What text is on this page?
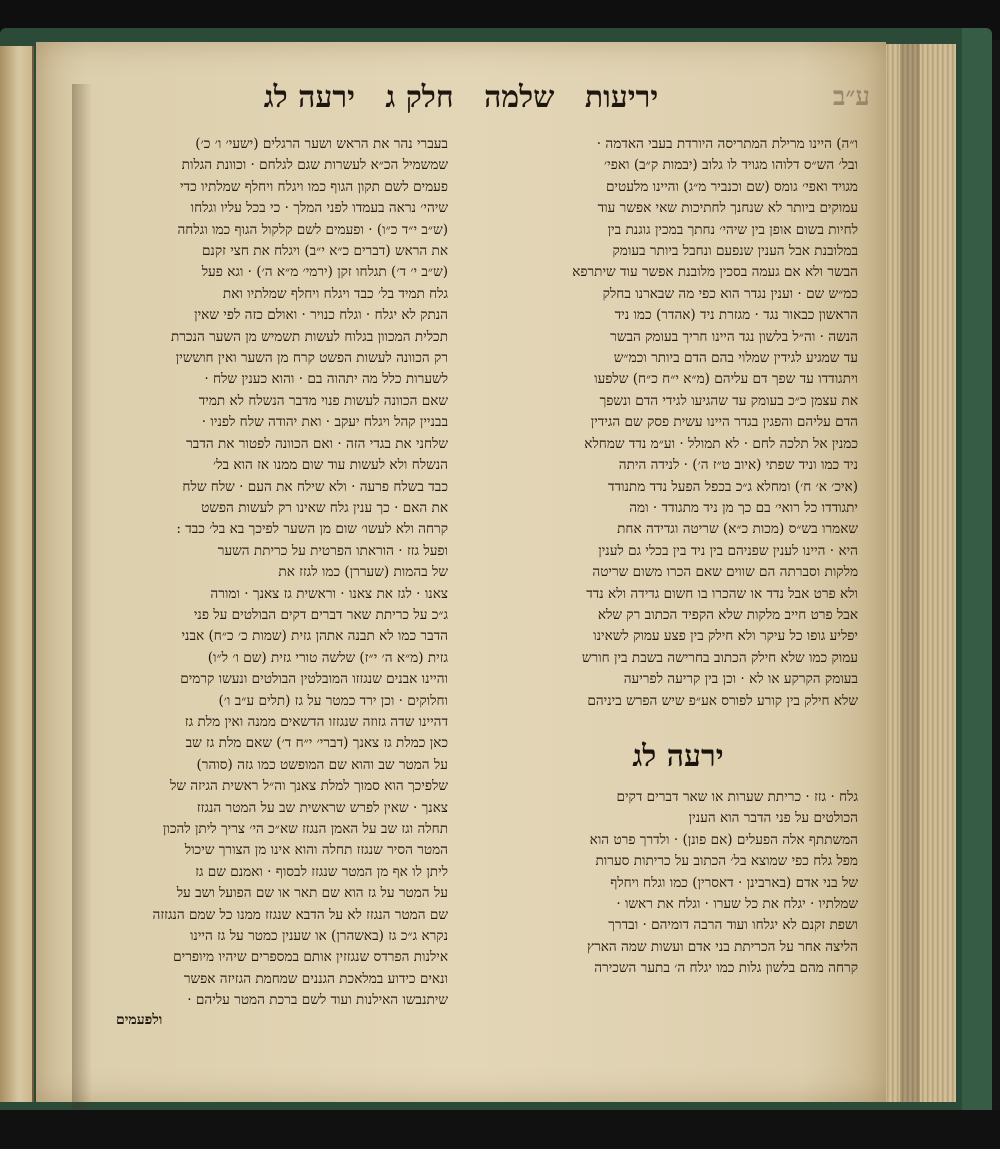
ע״ב
יריעות שלמה חלק ג ירעה לג
ו״ה) היינו מרילת המתריסה היורדת בעבי האדמה ·
ובל׳ הש״ס דלוהו מגויד לו גלוב (יבמות ק״ב) ואפי׳
מגויד ואפי׳ גומס (שם וכנביר מ״ג) והיינו מלעטים
עמוקים ביותר לא שנחנך לחתיכות שאי אפשר עוד
לחיות בשום אופן בין שיהי׳ נחתך במכין גוגנת בין
במלובנת אבל הענין שנפעם ונחבל ביותר בעומק
הבשר ולא אם געמה בסכין מלובנת אפשר עוד שיתרפא
כמ״ש שם · וענין נגדר הוא כפי מה שבארנו בחלק
הראשון כבאור נגד · מגזרת ניד (אהדר) כמו ניד
הנשה · וה״ל בלשון נגד היינו חריך בעומק הבשר
עד שמגיע לגידין שמלוי בהם הדם ביותר וכמ״ש
ויתגודדו עד שפך דם עליהם (מ״א י״ח כ״ח) שלפעו
את עצמן כ״כ בעומק עד שהגיעו לגידי הדם ונשפך
הדם עליהם והפגין בגדר היינו עשית פסק שם הגידין
כמנין אל תלכה לחם · לא תמולל · וע״מ נדד שמחלא
ניד כמו וניד שפתי (איוב ט״ז ה׳) · לנידה היתה
(איכ׳ א׳ ח׳) ומחלא ג״כ בכפל הפעל נדד מתנודד
יתגודדו כל רואי׳ בם כך מן ניד מתגודד · ומה
שאמרו בש״ס (מכות כ״א) שריטה וגדידה אחת
היא · היינו לענין שפניהם בין ניד בין בכלי גם לענין
מלקות וסברתה הם שווים שאם הכרו משום שריטה
ולא פרט אבל נדד או שהכרו בו חשום גדידה ולא נדד
אבל פרט חייב מלקות שלא הקפיד הכתוב רק שלא
יפליע גופו כל עיקר ולא חילק בין פצע עמוק לשאינו
עמוק כמו שלא חילק הכתוב בחרישה בשבת בין חורש
בעומק הקרקע או לא · וכן בין קריעה לפריעה
שלא חילק בין קורע לפורס אע״פ שיש הפרש ביניהם
ירעה לג
גלח · גזז · כריתת שערות או שאר דברים דקים
הכולטים על פני הדבר הוא הענין
המשתתף אלה הפעלים (אם פונן) · ולדרך פרט הוא
מפל גלח כפי שמוצא בל׳ הכתוב על כריתות סערות
של בני אדם (בארבינן · דאסרין) כמו וגלח ויחלף
שמלתיו · יגלח את כל שערו · וגלח את ראשו ·
ושפת זקנם לא יגלחו ועוד הרבה דומיהם · ובדרך
הליצה אחר על הכריתת בני אדם ועשות שמה הארץ
קרחה מהם בלשון גלות כמו יגלח ה׳ בתער השכירה
בעברי נהר את הראש ושער הרגלים (ישעי׳ ו׳ כ׳)
שמשמיל הכ״א לעשרות שגם לגלחם · וכוונת הגלות
פעמים לשם תקון הגוף כמו ויגלח ויחלף שמלתיו כדי
שיהי׳ נראה בעמדו לפני המלך · כי בכל עליו וגלחו
(ש״ב י״ד כ״ו) · ופעמים לשם קלקול הגוף כמו וגלחה
את הראש (דברים כ״א י״ב) ויגלח את חצי זקנם
(ש״ב י׳ ד׳) תגלחו זקן (ירמי׳ מ״א ה׳) · וגא פעל
גלח תמיד בל׳ כבד ויגלח ויחלף שמלתיו ואת
הנתק לא יגלח · וגלח כנויר · ואולם כזה לפי שאין
תכלית המכוון בגלוח לעשות תשמיש מן השער הנכרת
רק הכוונה לעשות הפשט קרח מן השער ואין חוששין
לשערות כלל מה יתהוה בם · והוא כענין שלח ·
שאם הכוונה לעשות פנוי מדבר הנשלח לא תמיד
בבניין קהל ויגלח יעקב · ואת יהודה שלח לפניו ·
שלחני את בגדי הזה · ואם הכוונה לפטור את הדבר
הנשלח ולא לעשות עוד שום ממנו אז הוא בל׳
כבד בשלח פרעה · ולא שילח את העם · שלח שלח
את האם · כך ענין גלח שאינו רק לעשות הפשט
קרחה ולא לעשו׳ שום מן השער לפיכך בא בל׳ כבד :
ופעל גזז · הוראתו הפרטית על כריתת השער
של בהמות (שעררן) כמו לגזז את
צאנו · לגז את צאנו · וראשית גז צאנך · ומורה
ג״כ על כריתת שאר דברים דקים הבולטים על פני
הדבר כמו לא תבנה אתהן גזית (שמות כ׳ כ״ח) אבני
גזית (מ״א ה׳ י״ז) שלשה טורי גזית (שם ו׳ ל״ו)
והיינו אבנים שנגזזו המובלטין הבולטים ונעשו קרמים
וחלוקים · וכן ירד כמטר על גז (תלים ע״ב ו׳)
דהיינו שדה גזוזה שנגזזו הדשאים ממנה ואין מלת גז
כאן כמלת גז צאנך (דברי׳ י״ח ד׳) שאם מלת גז שב
על המטר שב והוא שם המופשט כמו גזה (סוהר)
שלפיכך הוא סמוך למלת צאנך וה״ל ראשית הגיזה של
צאנך · שאין לפרש שראשית שב על המטר הנגזז
תחלה וגז שב על האמן הנגזז שא״כ הי׳ צריך ליתן להכון
המטר הסיר שנגזז תחלה והוא אינו מן הצורך שיכול
ליתן לו אף מן המטר שנגזז לבסוף · ואמנם שם גז
על המטר על גז הוא שם תאר או שם הפועל ושב על
שם המטר הנגזז לא על הדבא שנגזז ממנו כל שמם הנגזזה
נקרא ג״כ גז (באשהרן) או שענין כמטר על גז היינו
אילנות הפרדס שנגזזין אותם במספרים שיהיו מיופרים
ונאים כידוע במלאכת הגננים שמחמת הגזיזה אפשר
שיתנבשו האילנות ועוד לשם ברכת המטר עליהם ·
ולפעמים
